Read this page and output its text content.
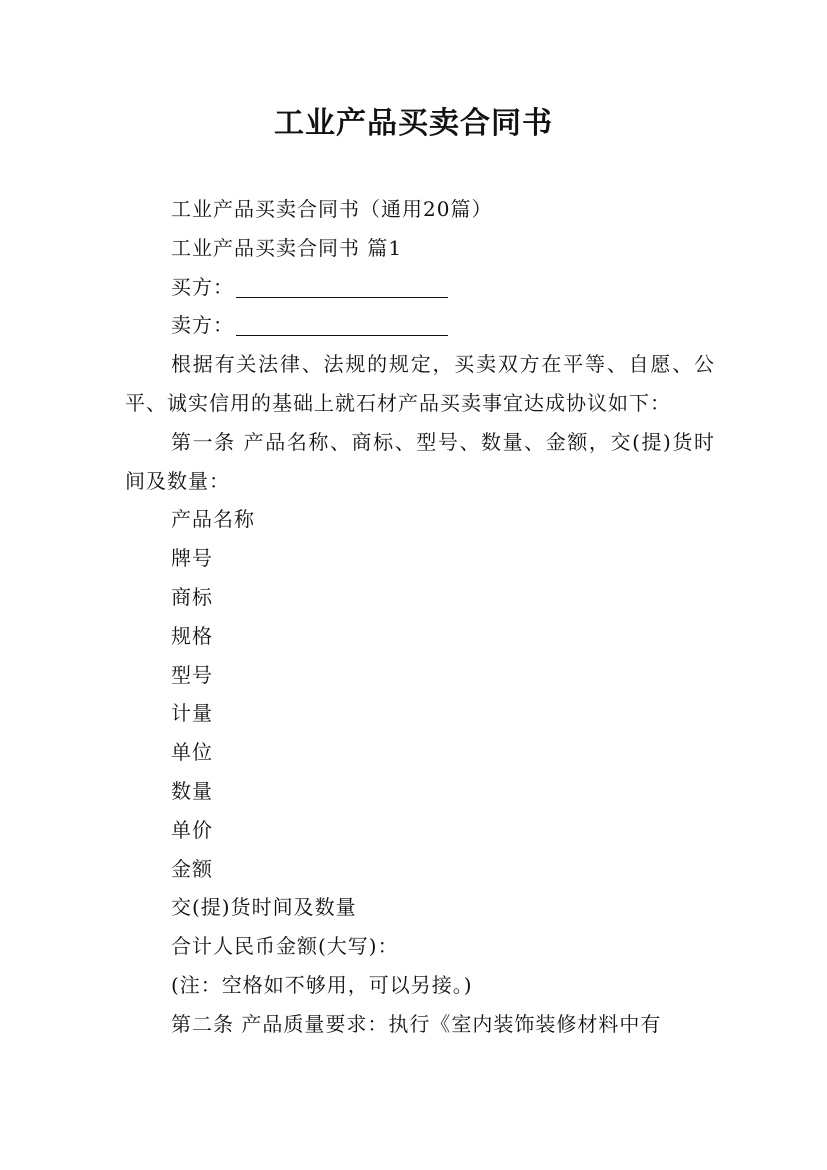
工业产品买卖合同书

工业产品买卖合同书（通用20篇）

工业产品买卖合同书 篇1

买方：

卖方：

根据有关法律、法规的规定，买卖双方在平等、自愿、公平、诚实信用的基础上就石材产品买卖事宜达成协议如下：

第一条 产品名称、商标、型号、数量、金额，交(提)货时间及数量：

产品名称

牌号

商标

规格

型号

计量

单位

数量

单价

金额

交(提)货时间及数量

合计人民币金额(大写)：

(注：空格如不够用，可以另接。)

第二条 产品质量要求：执行《室内装饰装修材料中有
